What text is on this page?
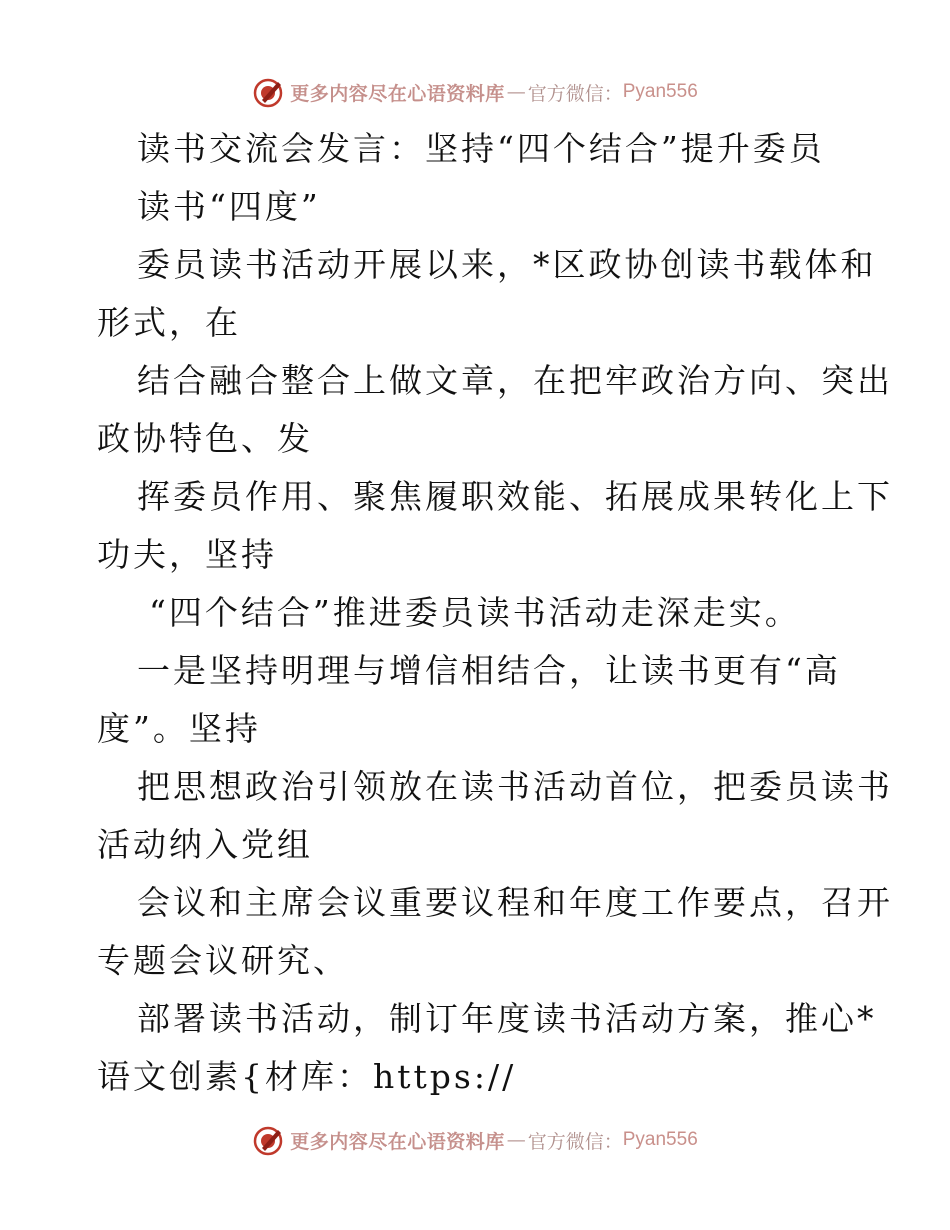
更多内容尽在心语资料库 — 官方微信： Pyan556
读书交流会发言：坚持“四个结合”提升委员
读书“四度”
委员读书活动开展以来，*区政协创读书载体和
形式，在
结合融合整合上做文章，在把牢政治方向、突出
政协特色、发
挥委员作用、聚焦履职效能、拓展成果转化上下
功夫，坚持
“四个结合”推进委员读书活动走深走实。
一是坚持明理与增信相结合，让读书更有“高
度”。坚持
把思想政治引领放在读书活动首位，把委员读书
活动纳入党组
会议和主席会议重要议程和年度工作要点，召开
专题会议研究、
部署读书活动，制订年度读书活动方案，推心*
语文创素{材库：https://
更多内容尽在心语资料库 — 官方微信： Pyan556
